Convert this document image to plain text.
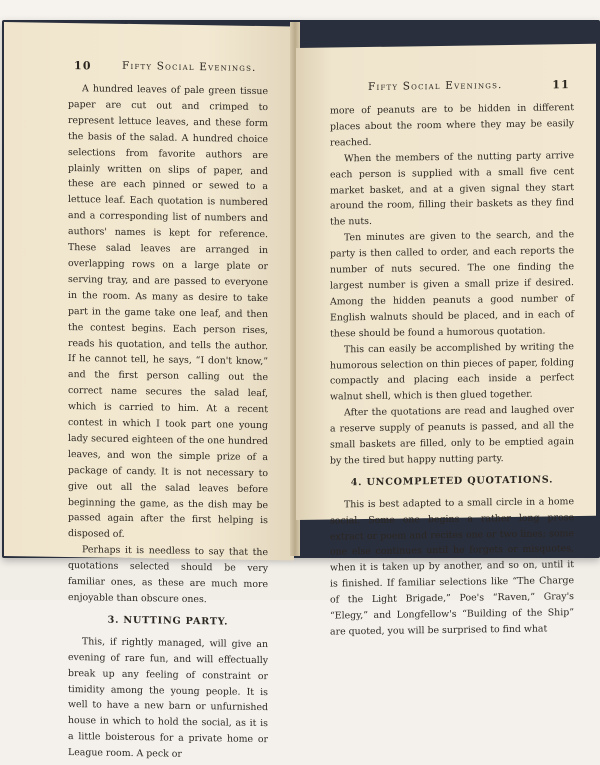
10	Fifty Social Evenings.

A hundred leaves of pale green tissue paper are cut out and crimped to represent lettuce leaves, and these form the basis of the salad. A hundred choice selections from favorite authors are plainly written on slips of paper, and these are each pinned or sewed to a lettuce leaf. Each quotation is numbered and a corresponding list of numbers and authors' names is kept for reference. These salad leaves are arranged in overlapping rows on a large plate or serving tray, and are passed to everyone in the room. As many as desire to take part in the game take one leaf, and then the contest begins. Each person rises, reads his quotation, and tells the author. If he cannot tell, he says, “I don't know,” and the first person calling out the correct name secures the salad leaf, which is carried to him. At a recent contest in which I took part one young lady secured eighteen of the one hundred leaves, and won the simple prize of a package of candy. It is not necessary to give out all the salad leaves before beginning the game, as the dish may be passed again after the first helping is disposed of.

Perhaps it is needless to say that the quotations selected should be very familiar ones, as these are much more enjoyable than obscure ones.

3. NUTTING PARTY.

This, if rightly managed, will give an evening of rare fun, and will effectually break up any feeling of constraint or timidity among the young people. It is well to have a new barn or unfurnished house in which to hold the social, as it is a little boisterous for a private home or League room. A peck or

Fifty Social Evenings.	11

more of peanuts are to be hidden in different places about the room where they may be easily reached.

When the members of the nutting party arrive each person is supplied with a small five cent market basket, and at a given signal they start around the room, filling their baskets as they find the nuts.

Ten minutes are given to the search, and the party is then called to order, and each reports the number of nuts secured. The one finding the largest number is given a small prize if desired. Among the hidden peanuts a good number of English walnuts should be placed, and in each of these should be found a humorous quotation.

This can easily be accomplished by writing the humorous selection on thin pieces of paper, folding compactly and placing each inside a perfect walnut shell, which is then glued together.

After the quotations are read and laughed over a reserve supply of peanuts is passed, and all the small baskets are filled, only to be emptied again by the tired but happy nutting party.

4. UNCOMPLETED QUOTATIONS.

This is best adapted to a small circle in a home social. Some one begins a rather long prose extract or poem and recites one or two lines; some one else continues until he forgets or misquotes, when it is taken up by another, and so on, until it is finished. If familiar selections like “The Charge of the Light Brigade,” Poe's “Raven,” Gray's “Elegy,” and Longfellow's “Building of the Ship” are quoted, you will be surprised to find what
